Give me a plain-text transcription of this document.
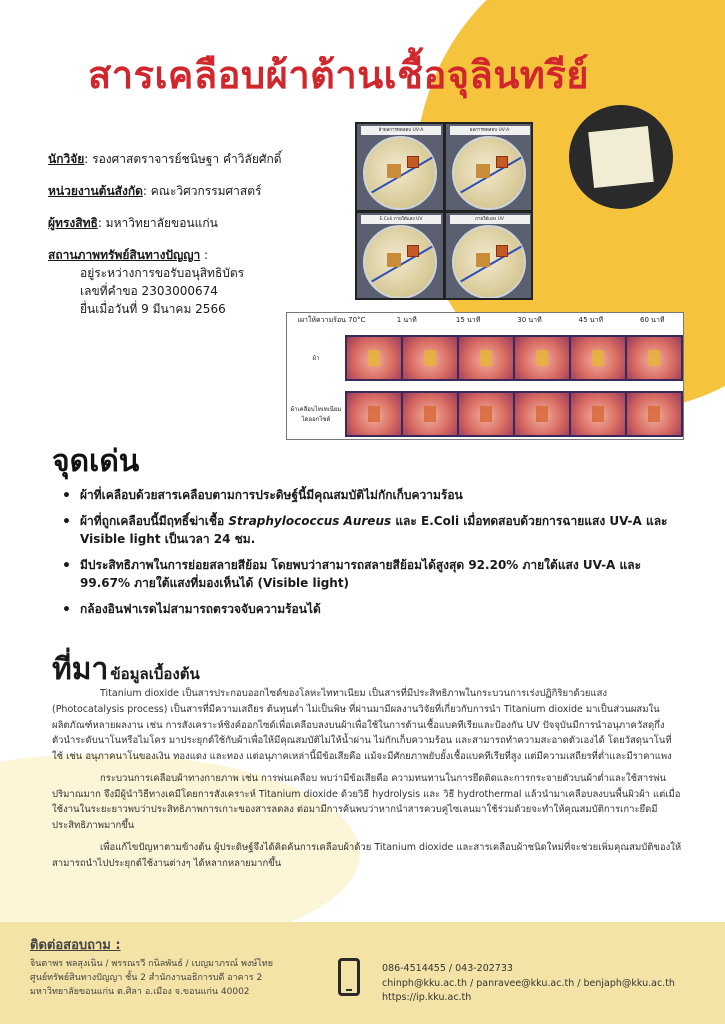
สารเคลือบผ้าต้านเชื้อจุลินทรีย์
นักวิจัย: รองศาสตราจารย์ชนิษฐา คำวิลัยศักดิ์
หน่วยงานต้นสังกัด: คณะวิศวกรรมศาสตร์
ผู้ทรงสิทธิ: มหาวิทยาลัยขอนแก่น
สถานภาพทรัพย์สินทางปัญญา :
อยู่ระหว่างการขอรับอนุสิทธิบัตร
เลขที่คำขอ 2303000674
ยื่นเมื่อวันที่ 9 มีนาคม 2566
ผ้าผลการทดสอบ UV-A	ผลการทดสอบ UV-A
E.Coli ภายใต้แสง UV	ภายใต้แสง UV
เผาให้ความร้อน 70°C	1 นาที	15 นาที	30 นาที	45 นาที	60 นาที
ผ้า
ผ้าเคลือบไทเทเนียม ไดออกไซด์
จุดเด่น
• ผ้าที่เคลือบด้วยสารเคลือบตามการประดิษฐ์นี้มีคุณสมบัติไม่กักเก็บความร้อน
• ผ้าที่ถูกเคลือบนี้มีฤทธิ์ฆ่าเชื้อ Straphylococcus Aureus และ E.Coli เมื่อทดสอบด้วยการฉายแสง UV-A และ Visible light เป็นเวลา 24 ชม.
• มีประสิทธิภาพในการย่อยสลายสีย้อม โดยพบว่าสามารถสลายสีย้อมได้สูงสุด 92.20% ภายใต้แสง UV-A และ 99.67% ภายใต้แสงที่มองเห็นได้ (Visible light)
• กล้องอินฟาเรดไม่สามารถตรวจจับความร้อนได้
ที่มา ข้อมูลเบื้องต้น

Titanium dioxide เป็นสารประกอบออกไซด์ของโลหะไททาเนียม เป็นสารที่มีประสิทธิภาพในกระบวนการเร่งปฏิกิริยาด้วยแสง (Photocatalysis process) เป็นสารที่มีความเสถียร ต้นทุนต่ำ ไม่เป็นพิษ ที่ผ่านมามีผลงานวิจัยที่เกี่ยวกับการนำ Titanium dioxide มาเป็นส่วนผสมในผลิตภัณฑ์หลายผลงาน เช่น การสังเคราะห์ซิงค์ออกไซด์เพื่อเคลือบลงบนผ้าเพื่อใช้ในการต้านเชื้อแบคทีเรียและป้องกัน UV ปัจจุบันมีการนำอนุภาควัสดุกึ่งตัวนำระดับนาโนหรือไมโคร มาประยุกต์ใช้กับผ้าเพื่อให้มีคุณสมบัติไม่ให้น้ำผ่าน ไม่กักเก็บความร้อน และสามารถทำความสะอาดตัวเองได้ โดยวัสดุนาโนที่ใช้ เช่น อนุภาคนาโนของเงิน ทองแดง และทอง แต่อนุภาคเหล่านี้มีข้อเสียคือ แม้จะมีศักยภาพยับยั้งเชื้อแบคทีเรียที่สูง แต่มีความเสถียรที่ต่ำและมีราคาแพง

กระบวนการเคลือบผ้าทางกายภาพ เช่น การพ่นเคลือบ พบว่ามีข้อเสียคือ ความทนทานในการยึดติดและการกระจายตัวบนผ้าต่ำและใช้สารพ่นปริมาณมาก จึงมีผู้นำวิธีทางเคมีโดยการสังเคราะห์ Titanium dioxide ด้วยวิธี hydrolysis และ วิธี hydrothermal แล้วนำมาเคลือบลงบนพื้นผิวผ้า แต่เมื่อใช้งานในระยะยาวพบว่าประสิทธิภาพการเกาะของสารลดลง ต่อมามีการค้นพบว่าหากนำสารควบคู่ไซเลนมาใช้ร่วมด้วยจะทำให้คุณสมบัติการเกาะยึดมีประสิทธิภาพมากขึ้น

เพื่อแก้ไขปัญหาตามข้างต้น ผู้ประดิษฐ์จึงได้คิดค้นการเคลือบผ้าด้วย Titanium dioxide และสารเคลือบผ้าชนิดใหม่ที่จะช่วยเพิ่มคุณสมบัติของให้สามารถนำไปประยุกต์ใช้งานต่างๆ ได้หลากหลายมากขึ้น

ติดต่อสอบถาม :
จินตาพร พลสุงเนิน / พรรณรวี กนิลพันธ์ / เบญมาภรณ์ พงษ์ไทย
ศูนย์ทรัพย์สินทางปัญญา ชั้น 2 สำนักงานอธิการบดี อาคาร 2
มหาวิทยาลัยขอนแก่น ต.ศิลา อ.เมือง จ.ขอนแก่น 40002
086-4514455 / 043-202733
chinph@kku.ac.th / panravee@kku.ac.th / benjaph@kku.ac.th
https://ip.kku.ac.th
